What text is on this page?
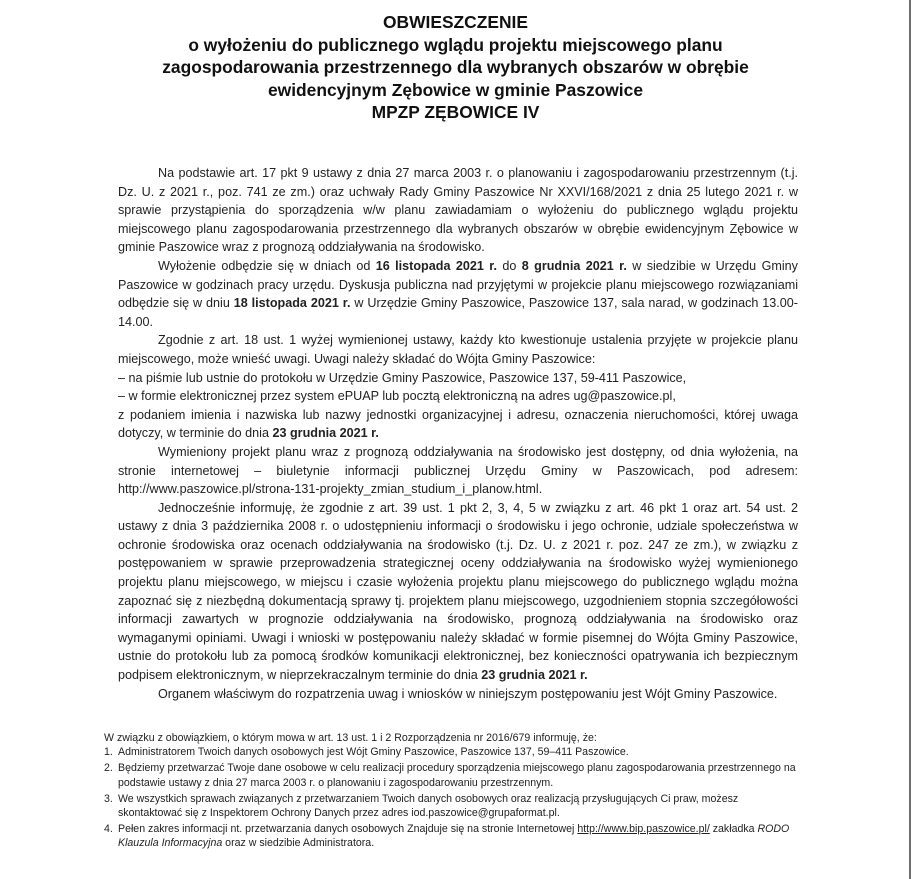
OBWIESZCZENIE
o wyłożeniu do publicznego wglądu projektu miejscowego planu
zagospodarowania przestrzennego dla wybranych obszarów w obrębie
ewidencyjnym Zębowice w gminie Paszowice
MPZP ZĘBOWICE IV

Na podstawie art. 17 pkt 9 ustawy z dnia 27 marca 2003 r. o planowaniu i zagospodarowaniu przestrzennym (t.j. Dz. U. z 2021 r., poz. 741 ze zm.) oraz uchwały Rady Gminy Paszowice Nr XXVI/168/2021 z dnia 25 lutego 2021 r. w sprawie przystąpienia do sporządzenia w/w planu zawiadamiam o wyłożeniu do publicznego wglądu projektu miejscowego planu zagospodarowania przestrzennego dla wybranych obszarów w obrębie ewidencyjnym Zębowice w gminie Paszowice wraz z prognozą oddziaływania na środowisko.

Wyłożenie odbędzie się w dniach od 16 listopada 2021 r. do 8 grudnia 2021 r. w siedzibie w Urzędu Gminy Paszowice w godzinach pracy urzędu. Dyskusja publiczna nad przyjętymi w projekcie planu miejscowego rozwiązaniami odbędzie się w dniu 18 listopada 2021 r. w Urzędzie Gminy Paszowice, Paszowice 137, sala narad, w godzinach 13.00-14.00.

Zgodnie z art. 18 ust. 1 wyżej wymienionej ustawy, każdy kto kwestionuje ustalenia przyjęte w projekcie planu miejscowego, może wnieść uwagi. Uwagi należy składać do Wójta Gminy Paszowice:

– na piśmie lub ustnie do protokołu w Urzędzie Gminy Paszowice, Paszowice 137, 59-411 Paszowice,

– w formie elektronicznej przez system ePUAP lub pocztą elektroniczną na adres ug@paszowice.pl,

z podaniem imienia i nazwiska lub nazwy jednostki organizacyjnej i adresu, oznaczenia nieruchomości, której uwaga dotyczy, w terminie do dnia 23 grudnia 2021 r.

Wymieniony projekt planu wraz z prognozą oddziaływania na środowisko jest dostępny, od dnia wyłożenia, na stronie internetowej – biuletynie informacji publicznej Urzędu Gminy w Paszowicach, pod adresem: http://www.paszowice.pl/strona-131-projekty_zmian_studium_i_planow.html.

Jednocześnie informuję, że zgodnie z art. 39 ust. 1 pkt 2, 3, 4, 5 w związku z art. 46 pkt 1 oraz art. 54 ust. 2 ustawy z dnia 3 października 2008 r. o udostępnieniu informacji o środowisku i jego ochronie, udziale społeczeństwa w ochronie środowiska oraz ocenach oddziaływania na środowisko (t.j. Dz. U. z 2021 r. poz. 247 ze zm.), w związku z postępowaniem w sprawie przeprowadzenia strategicznej oceny oddziaływania na środowisko wyżej wymienionego projektu planu miejscowego, w miejscu i czasie wyłożenia projektu planu miejscowego do publicznego wglądu można zapoznać się z niezbędną dokumentacją sprawy tj. projektem planu miejscowego, uzgodnieniem stopnia szczegółowości informacji zawartych w prognozie oddziaływania na środowisko, prognozą oddziaływania na środowisko oraz wymaganymi opiniami. Uwagi i wnioski w postępowaniu należy składać w formie pisemnej do Wójta Gminy Paszowice, ustnie do protokołu lub za pomocą środków komunikacji elektronicznej, bez konieczności opatrywania ich bezpiecznym podpisem elektronicznym, w nieprzekraczalnym terminie do dnia 23 grudnia 2021 r.

Organem właściwym do rozpatrzenia uwag i wniosków w niniejszym postępowaniu jest Wójt Gminy Paszowice.

W związku z obowiązkiem, o którym mowa w art. 13 ust. 1 i 2 Rozporządzenia nr 2016/679 informuję, że:

1. Administratorem Twoich danych osobowych jest Wójt Gminy Paszowice, Paszowice 137, 59–411 Paszowice.
2. Będziemy przetwarzać Twoje dane osobowe w celu realizacji procedury sporządzenia miejscowego planu zagospodarowania przestrzennego na podstawie ustawy z dnia 27 marca 2003 r. o planowaniu i zagospodarowaniu przestrzennym.
3. We wszystkich sprawach związanych z przetwarzaniem Twoich danych osobowych oraz realizacją przysługujących Ci praw, możesz skontaktować się z Inspektorem Ochrony Danych przez adres iod.paszowice@grupaformat.pl.
4. Pełen zakres informacji nt. przetwarzania danych osobowych Znajduje się na stronie Internetowej http://www.bip.paszowice.pl/ zakładka RODO Klauzula Informacyjna oraz w siedzibie Administratora.
